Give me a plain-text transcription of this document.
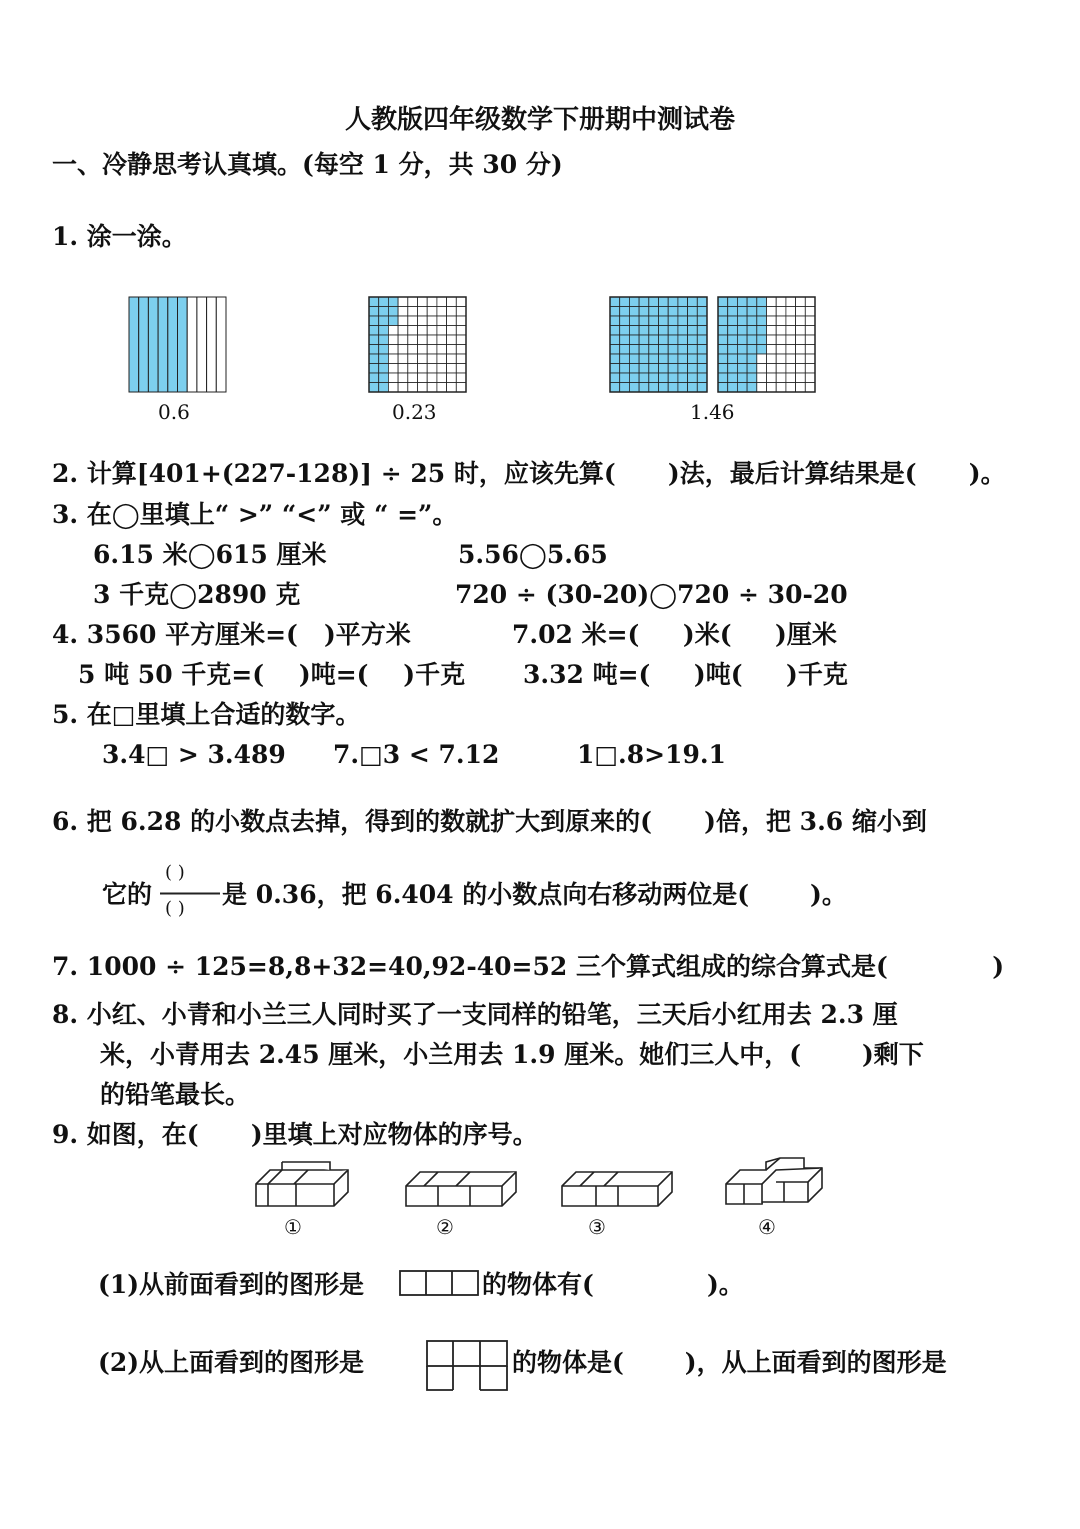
人教版四年级数学下册期中测试卷
一、冷静思考认真填。(每空 1 分，共 30 分)
1. 涂一涂。
0.6	0.23	1.46
2. 计算[401+(227-128)] ÷ 25 时，应该先算(      )法，最后计算结果是(      )。
3. 在◯里填上“ >” “<” 或 “ =”。
6.15 米◯615 厘米	5.56◯5.65
3 千克◯2890 克	720 ÷ (30-20)◯720 ÷ 30-20
4. 3560 平方厘米=(   )平方米	7.02 米=(     )米(     )厘米
5 吨 50 千克=(    )吨=(    )千克 3.32 吨=(     )吨(     )千克
5. 在□里填上合适的数字。
3.4□ > 3.489 7.□3 < 7.12	1□.8>19.1
6. 把 6.28 的小数点去掉，得到的数就扩大到原来的(      )倍，把 3.6 缩小到
它的
( )
( ) 是 0.36，把 6.404 的小数点向右移动两位是(       )。
7. 1000 ÷ 125=8,8+32=40,92-40=52 三个算式组成的综合算式是(            )
8. 小红、小青和小兰三人同时买了一支同样的铅笔，三天后小红用去 2.3 厘
米，小青用去 2.45 厘米，小兰用去 1.9 厘米。她们三人中，(       )剩下
的铅笔最长。
9. 如图，在(      )里填上对应物体的序号。
①	②	③	④
(1)从前面看到的图形是	的物体有(             )。
(2)从上面看到的图形是	的物体是(       )，从上面看到的图形是
